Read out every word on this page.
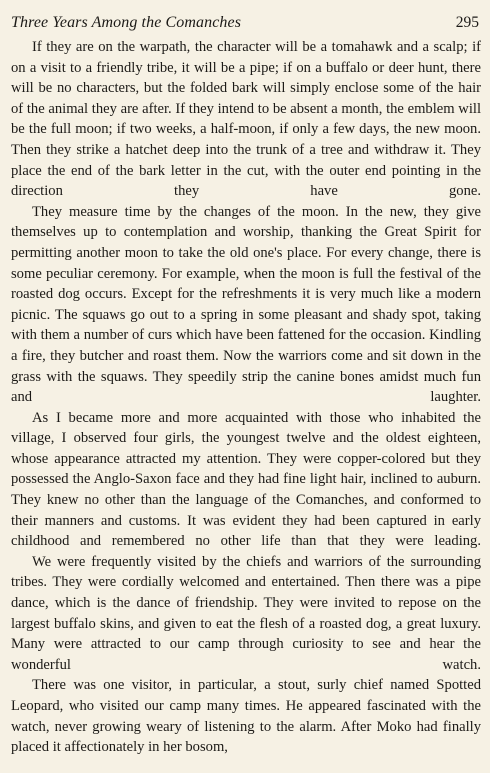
Three Years Among the Comanches	295

If they are on the warpath, the character will be a tomahawk and a scalp; if on a visit to a friendly tribe, it will be a pipe; if on a buffalo or deer hunt, there will be no characters, but the folded bark will simply enclose some of the hair of the animal they are after. If they intend to be absent a month, the emblem will be the full moon; if two weeks, a half-moon, if only a few days, the new moon. Then they strike a hatchet deep into the trunk of a tree and withdraw it. They place the end of the bark letter in the cut, with the outer end pointing in the direction they have gone.

They measure time by the changes of the moon. In the new, they give themselves up to contemplation and worship, thanking the Great Spirit for permitting another moon to take the old one's place. For every change, there is some peculiar ceremony. For example, when the moon is full the festival of the roasted dog occurs. Except for the refreshments it is very much like a modern picnic. The squaws go out to a spring in some pleasant and shady spot, taking with them a number of curs which have been fattened for the occasion. Kindling a fire, they butcher and roast them. Now the warriors come and sit down in the grass with the squaws. They speedily strip the canine bones amidst much fun and laughter.

As I became more and more acquainted with those who inhabited the village, I observed four girls, the youngest twelve and the oldest eighteen, whose appearance attracted my attention. They were copper-colored but they possessed the Anglo-Saxon face and they had fine light hair, inclined to auburn. They knew no other than the language of the Comanches, and conformed to their manners and customs. It was evident they had been captured in early childhood and remembered no other life than that they were leading.

We were frequently visited by the chiefs and warriors of the surrounding tribes. They were cordially welcomed and entertained. Then there was a pipe dance, which is the dance of friendship. They were invited to repose on the largest buffalo skins, and given to eat the flesh of a roasted dog, a great luxury. Many were attracted to our camp through curiosity to see and hear the wonderful watch.

There was one visitor, in particular, a stout, surly chief named Spotted Leopard, who visited our camp many times. He appeared fascinated with the watch, never growing weary of listening to the alarm. After Moko had finally placed it affectionately in her bosom,
